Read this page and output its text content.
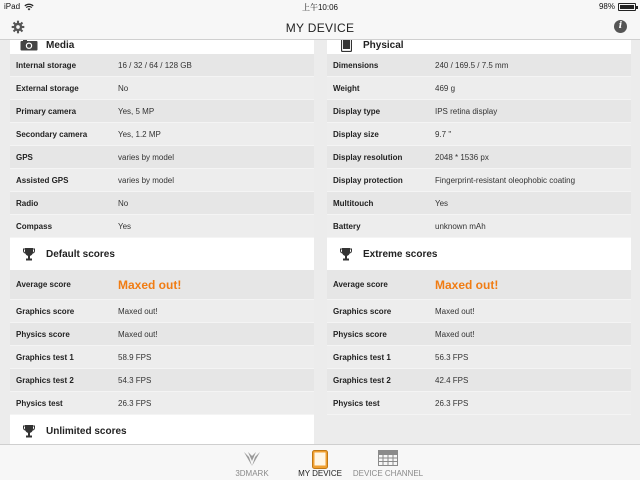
iPad	上午10:06	98%
MY DEVICE	i
Media
Internal storage	16 / 32 / 64 / 128 GB
External storage	No
Primary camera	Yes, 5 MP
Secondary camera	Yes, 1.2 MP
GPS	varies by model
Assisted GPS	varies by model
Radio	No
Compass	Yes
Default scores
Average score	Maxed out!
Graphics score	Maxed out!
Physics score	Maxed out!
Graphics test 1	58.9 FPS
Graphics test 2	54.3 FPS
Physics test	26.3 FPS
Unlimited scores
Physical
Dimensions	240 / 169.5 / 7.5 mm
Weight	469 g
Display type	IPS retina display
Display size	9.7 "
Display resolution	2048 * 1536 px
Display protection	Fingerprint-resistant oleophobic coating
Multitouch	Yes
Battery	unknown mAh
Extreme scores
Average score	Maxed out!
Graphics score	Maxed out!
Physics score	Maxed out!
Graphics test 1	56.3 FPS
Graphics test 2	42.4 FPS
Physics test	26.3 FPS
3DMARK	MY DEVICE	DEVICE CHANNEL
